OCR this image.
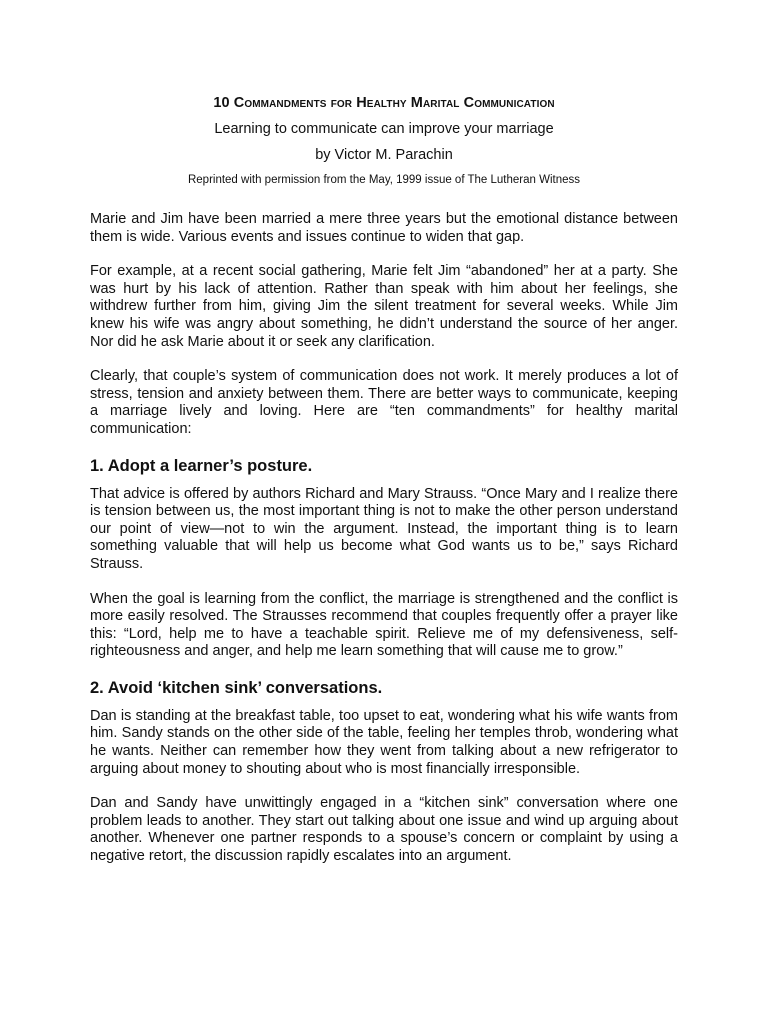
10 Commandments for Healthy Marital Communication
Learning to communicate can improve your marriage
by Victor M. Parachin
Reprinted with permission from the May, 1999 issue of The Lutheran Witness

Marie and Jim have been married a mere three years but the emotional distance between them is wide. Various events and issues continue to widen that gap.

For example, at a recent social gathering, Marie felt Jim “abandoned” her at a party. She was hurt by his lack of attention. Rather than speak with him about her feelings, she withdrew further from him, giving Jim the silent treatment for several weeks. While Jim knew his wife was angry about something, he didn’t understand the source of her anger. Nor did he ask Marie about it or seek any clarification.

Clearly, that couple’s system of communication does not work. It merely produces a lot of stress, tension and anxiety between them. There are better ways to communicate, keeping a marriage lively and loving. Here are “ten commandments” for healthy marital communication:

1. Adopt a learner’s posture.

That advice is offered by authors Richard and Mary Strauss. “Once Mary and I realize there is tension between us, the most important thing is not to make the other person understand our point of view—not to win the argument. Instead, the important thing is to learn something valuable that will help us become what God wants us to be,” says Richard Strauss.

When the goal is learning from the conflict, the marriage is strengthened and the conflict is more easily resolved. The Strausses recommend that couples frequently offer a prayer like this: “Lord, help me to have a teachable spirit. Relieve me of my defensiveness, self-righteousness and anger, and help me learn something that will cause me to grow.”

2. Avoid ‘kitchen sink’ conversations.

Dan is standing at the breakfast table, too upset to eat, wondering what his wife wants from him. Sandy stands on the other side of the table, feeling her temples throb, wondering what he wants. Neither can remember how they went from talking about a new refrigerator to arguing about money to shouting about who is most financially irresponsible.

Dan and Sandy have unwittingly engaged in a “kitchen sink” conversation where one problem leads to another. They start out talking about one issue and wind up arguing about another. Whenever one partner responds to a spouse’s concern or complaint by using a negative retort, the discussion rapidly escalates into an argument.
